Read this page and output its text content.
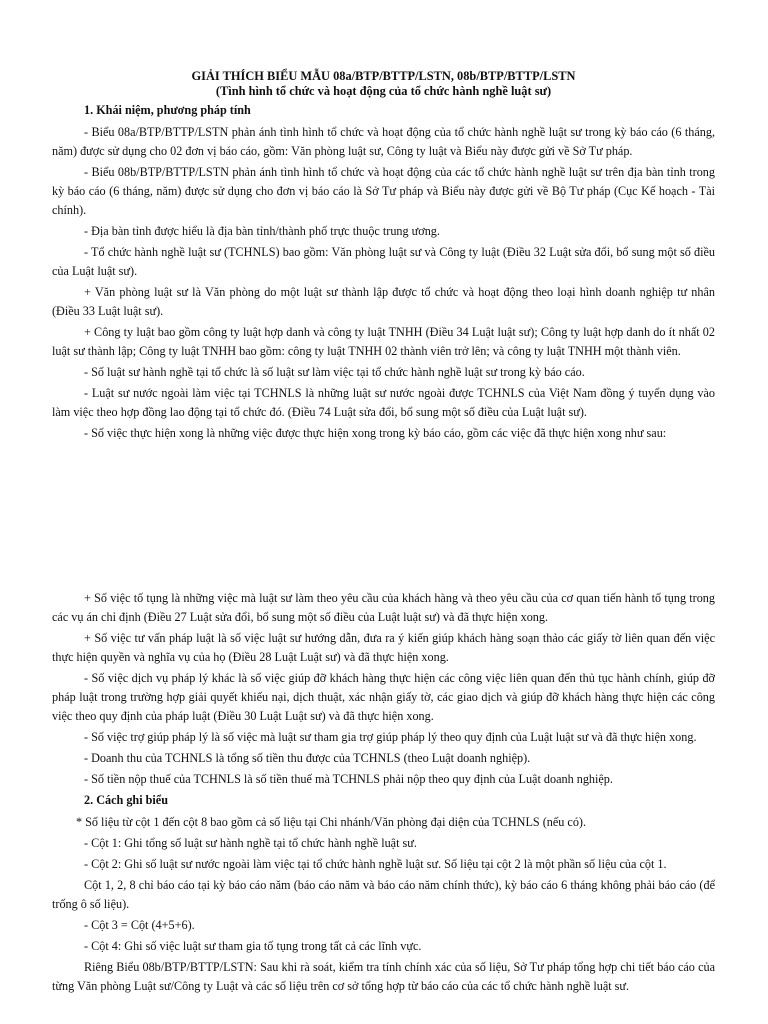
GIẢI THÍCH BIỂU MẪU 08a/BTP/BTTP/LSTN, 08b/BTP/BTTP/LSTN

(Tình hình tổ chức và hoạt động của tổ chức hành nghề luật sư)

1. Khái niệm, phương pháp tính

- Biểu 08a/BTP/BTTP/LSTN phản ánh tình hình tổ chức và hoạt động của tổ chức hành nghề luật sư trong kỳ báo cáo (6 tháng, năm) được sử dụng cho 02 đơn vị báo cáo, gồm: Văn phòng luật sư, Công ty luật và Biểu này được gửi về Sở Tư pháp.

- Biểu 08b/BTP/BTTP/LSTN phản ánh tình hình tổ chức và hoạt động của các tổ chức hành nghề luật sư trên địa bàn tỉnh trong kỳ báo cáo (6 tháng, năm) được sử dụng cho đơn vị báo cáo là Sở Tư pháp và Biểu này được gửi về Bộ Tư pháp (Cục Kế hoạch - Tài chính).

- Địa bàn tỉnh được hiểu là địa bàn tỉnh/thành phố trực thuộc trung ương.

- Tổ chức hành nghề luật sư (TCHNLS) bao gồm: Văn phòng luật sư và Công ty luật (Điều 32 Luật sửa đổi, bổ sung một số điều của Luật luật sư).

+ Văn phòng luật sư là Văn phòng do một luật sư thành lập được tổ chức và hoạt động theo loại hình doanh nghiệp tư nhân (Điều 33 Luật luật sư).

+ Công ty luật bao gồm công ty luật hợp danh và công ty luật TNHH (Điều 34 Luật luật sư); Công ty luật hợp danh do ít nhất 02 luật sư thành lập; Công ty luật TNHH bao gồm: công ty luật TNHH 02 thành viên trở lên; và công ty luật TNHH một thành viên.

- Số luật sư hành nghề tại tổ chức là số luật sư làm việc tại tổ chức hành nghề luật sư trong kỳ báo cáo.

- Luật sư nước ngoài làm việc tại TCHNLS là những luật sư nước ngoài được TCHNLS của Việt Nam đồng ý tuyển dụng vào làm việc theo hợp đồng lao động tại tổ chức đó. (Điều 74 Luật sửa đổi, bổ sung một số điều của Luật luật sư).

- Số việc thực hiện xong là những việc được thực hiện xong trong kỳ báo cáo, gồm các việc đã thực hiện xong như sau:

+ Số việc tố tụng là những việc mà luật sư làm theo yêu cầu của khách hàng và theo yêu cầu của cơ quan tiến hành tố tụng trong các vụ án chỉ định (Điều 27 Luật sửa đổi, bổ sung một số điều của Luật luật sư) và đã thực hiện xong.

+ Số việc tư vấn pháp luật là số việc luật sư hướng dẫn, đưa ra ý kiến giúp khách hàng soạn thảo các giấy tờ liên quan đến việc thực hiện quyền và nghĩa vụ của họ (Điều 28 Luật Luật sư) và đã thực hiện xong.

- Số việc dịch vụ pháp lý khác là số việc giúp đỡ khách hàng thực hiện các công việc liên quan đến thủ tục hành chính, giúp đỡ pháp luật trong trường hợp giải quyết khiếu nại, dịch thuật, xác nhận giấy tờ, các giao dịch và giúp đỡ khách hàng thực hiện các công việc theo quy định của pháp luật (Điều 30 Luật Luật sư) và đã thực hiện xong.

- Số việc trợ giúp pháp lý là số việc mà luật sư tham gia trợ giúp pháp lý theo quy định của Luật luật sư và đã thực hiện xong.

- Doanh thu của TCHNLS là tổng số tiền thu được của TCHNLS (theo Luật doanh nghiệp).

- Số tiền nộp thuế của TCHNLS là số tiền thuế mà TCHNLS phải nộp theo quy định của Luật doanh nghiệp.

2. Cách ghi biểu

* Số liệu từ cột 1 đến cột 8 bao gồm cả số liệu tại Chi nhánh/Văn phòng đại diện của TCHNLS (nếu có).

- Cột 1: Ghi tổng số luật sư hành nghề tại tổ chức hành nghề luật sư.

- Cột 2: Ghi số luật sư nước ngoài làm việc tại tổ chức hành nghề luật sư. Số liệu tại cột 2 là một phần số liệu của cột 1.

Cột 1, 2, 8 chỉ báo cáo tại kỳ báo cáo năm (báo cáo năm và báo cáo năm chính thức), kỳ báo cáo 6 tháng không phải báo cáo (để trống ô số liệu).

- Cột 3 = Cột (4+5+6).

- Cột 4: Ghi số việc luật sư tham gia tố tụng trong tất cả các lĩnh vực.

Riêng Biểu 08b/BTP/BTTP/LSTN: Sau khi rà soát, kiểm tra tính chính xác của số liệu, Sở Tư pháp tổng hợp chi tiết báo cáo của từng Văn phòng Luật sư/Công ty Luật và các số liệu trên cơ sở tổng hợp từ báo cáo của các tổ chức hành nghề luật sư.
